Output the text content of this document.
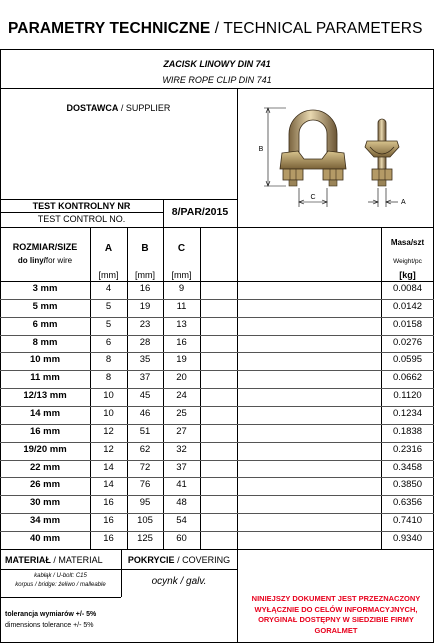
PARAMETRY TECHNICZNE / TECHNICAL PARAMETERS
ZACISK LINOWY DIN 741
WIRE ROPE CLIP DIN 741
DOSTAWCA / SUPPLIER
TEST KONTROLNY NR
TEST CONTROL NO.
8/PAR/2015
B
C
A
ROZMIAR/SIZE
do liny/for wire
A	B	C
[mm]	[mm]	[mm]
Masa/szt
Weight/pc
[kg]
3 mm	4	16	9	0.0084
5 mm	5	19	11	0.0142
6 mm	5	23	13	0.0158
8 mm	6	28	16	0.0276
10 mm	8	35	19	0.0595
11 mm	8	37	20	0.0662
12/13 mm	10	45	24	0.1120
14 mm	10	46	25	0.1234
16 mm	12	51	27	0.1838
19/20 mm	12	62	32	0.2316
22 mm	14	72	37	0.3458
26 mm	14	76	41	0.3850
30 mm	16	95	48	0.6356
34 mm	16	105	54	0.7410
40 mm	16	125	60	0.9340
MATERIAŁ / MATERIAL
kabłąk / U-bolt: C15
korpus / bridge: żeliwo / malleable
POKRYCIE / COVERING
ocynk / galv.
tolerancja wymiarów +/- 5%
dimensions tolerance +/- 5%
NINIEJSZY DOKUMENT JEST PRZEZNACZONY
WYŁĄCZNIE DO CELÓW INFORMACYJNYCH,
ORYGINAŁ DOSTĘPNY W SIEDZIBIE FIRMY
GORALMET
